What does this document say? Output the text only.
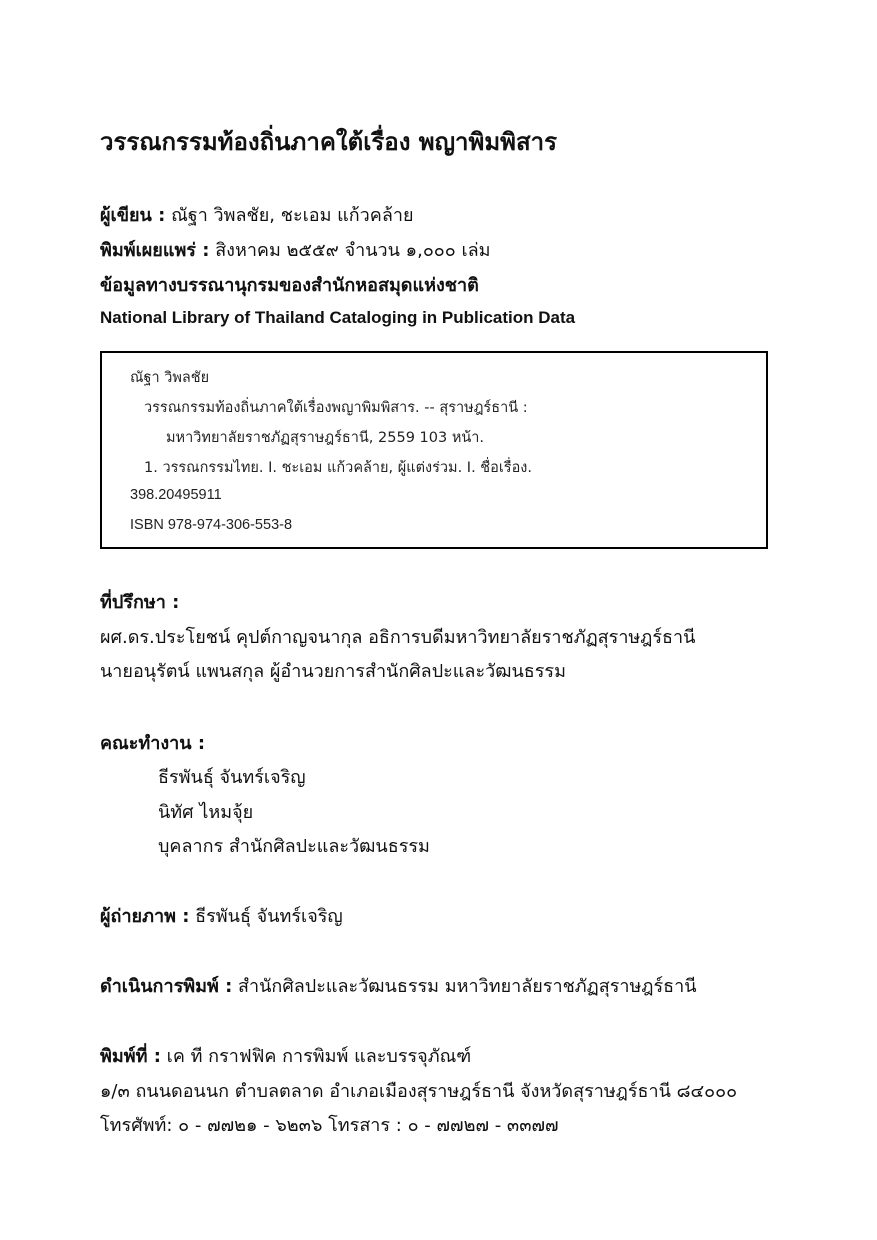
วรรณกรรมท้องถิ่นภาคใต้เรื่อง พญาพิมพิสาร
ผู้เขียน : ณัฐา วิพลชัย, ชะเอม แก้วคล้าย
พิมพ์เผยแพร่ : สิงหาคม ๒๕๕๙ จำนวน ๑,๐๐๐ เล่ม
ข้อมูลทางบรรณานุกรมของสำนักหอสมุดแห่งชาติ
National Library of Thailand Cataloging in Publication Data
ณัฐา วิพลชัย
วรรณกรรมท้องถิ่นภาคใต้เรื่องพญาพิมพิสาร. -- สุราษฎร์ธานี :
มหาวิทยาลัยราชภัฏสุราษฎร์ธานี, 2559 103 หน้า.
1. วรรณกรรมไทย. I. ชะเอม แก้วคล้าย, ผู้แต่งร่วม. I. ชื่อเรื่อง.
398.20495911
ISBN 978-974-306-553-8
ที่ปรึกษา :
ผศ.ดร.ประโยชน์ คุปต์กาญจนากุล อธิการบดีมหาวิทยาลัยราชภัฏสุราษฎร์ธานี
นายอนุรัตน์ แพนสกุล ผู้อำนวยการสำนักศิลปะและวัฒนธรรม
คณะทำงาน :
ธีรพันธุ์ จันทร์เจริญ
นิทัศ ไหมจุ้ย
บุคลากร สำนักศิลปะและวัฒนธรรม
ผู้ถ่ายภาพ : ธีรพันธุ์ จันทร์เจริญ
ดำเนินการพิมพ์ : สำนักศิลปะและวัฒนธรรม มหาวิทยาลัยราชภัฏสุราษฎร์ธานี
พิมพ์ที่ : เค ที กราฟฟิค การพิมพ์ และบรรจุภัณฑ์
๑/๓ ถนนดอนนก ตำบลตลาด อำเภอเมืองสุราษฎร์ธานี จังหวัดสุราษฎร์ธานี ๘๔๐๐๐
โทรศัพท์: ๐ - ๗๗๒๑ - ๖๒๓๖ โทรสาร : ๐ - ๗๗๒๗ - ๓๓๗๗
